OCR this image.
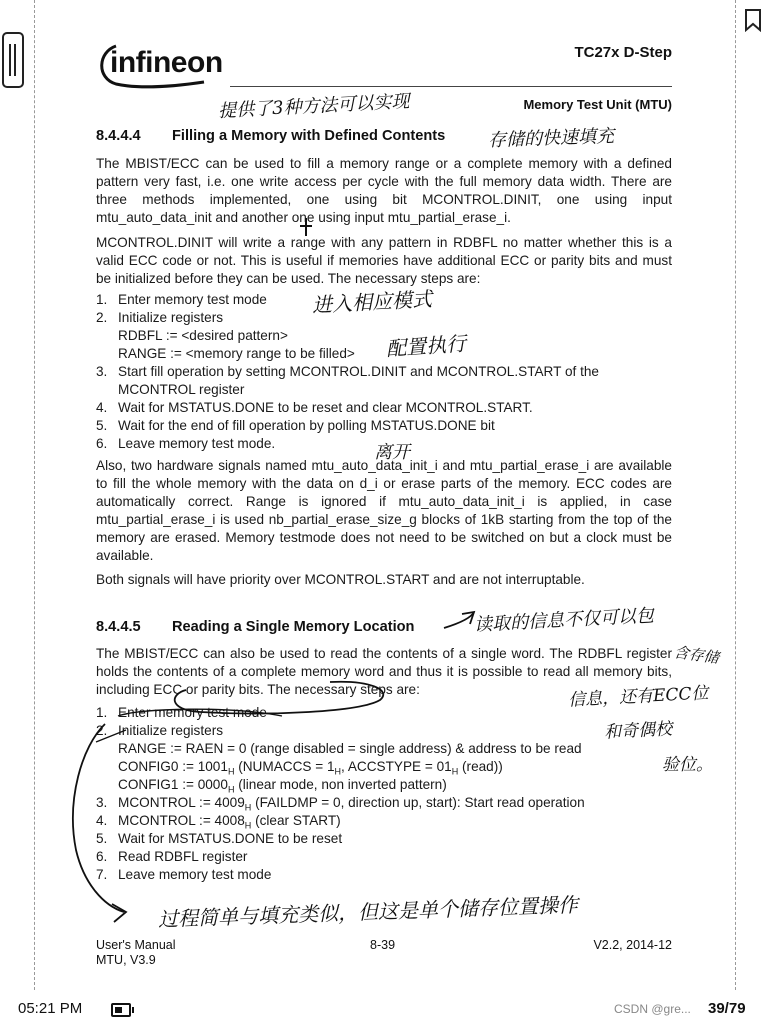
infineon	TC27x D-Step
Memory Test Unit (MTU)
8.4.4.4 Filling a Memory with Defined Contents

The MBIST/ECC can be used to fill a memory range or a complete memory with a defined pattern very fast, i.e. one write access per cycle with the full memory data width. There are three methods implemented, one using bit MCONTROL.DINIT, one using input mtu_auto_data_init and another one using input mtu_partial_erase_i.

MCONTROL.DINIT will write a range with any pattern in RDBFL no matter whether this is a valid ECC code or not. This is useful if memories have additional ECC or parity bits and must be initialized before they can be used. The necessary steps are:

1. Enter memory test mode
2. Initialize registers
RDBFL := <desired pattern>
RANGE := <memory range to be filled>
3. Start fill operation by setting MCONTROL.DINIT and MCONTROL.START of the MCONTROL register
4. Wait for MSTATUS.DONE to be reset and clear MCONTROL.START.
5. Wait for the end of fill operation by polling MSTATUS.DONE bit
6. Leave memory test mode.

Also, two hardware signals named mtu_auto_data_init_i and mtu_partial_erase_i are available to fill the whole memory with the data on d_i or erase parts of the memory. ECC codes are automatically correct. Range is ignored if mtu_auto_data_init_i is applied, in case mtu_partial_erase_i is used nb_partial_erase_size_g blocks of 1kB starting from the top of the memory are erased. Memory testmode does not need to be switched on but a clock must be available.

Both signals will have priority over MCONTROL.START and are not interruptable.

8.4.4.5 Reading a Single Memory Location

The MBIST/ECC can also be used to read the contents of a single word. The RDBFL register holds the contents of a complete memory word and thus it is possible to read all memory bits, including ECC or parity bits. The necessary steps are:

1. Enter memory test mode
2. Initialize registers
RANGE := RAEN = 0 (range disabled = single address) & address to be read
CONFIG0 := $1001_H$ (NUMACCS = $1_H$, ACCSTYPE = $01_H$ (read))
CONFIG1 := $0000_H$ (linear mode, non inverted pattern)
3. MCONTROL := $4009_H$ (FAILDMP = 0, direction up, start): Start read operation
4. MCONTROL := $4008_H$ (clear START)
5. Wait for MSTATUS.DONE to be reset
6. Read RDBFL register
7. Leave memory test mode
User's Manual
MTU, V3.9
8-39	V2.2, 2014-12
提供了3种方法可以实现
存储的快速填充
进入相应模式
配置执行
离开
读取的信息不仅可以包
含存储
信息，还有ECC位
和奇偶校
验位。
过程简单与填充类似，但这是单个储存位置操作
05:21 PM	CSDN @gre... 39/79
